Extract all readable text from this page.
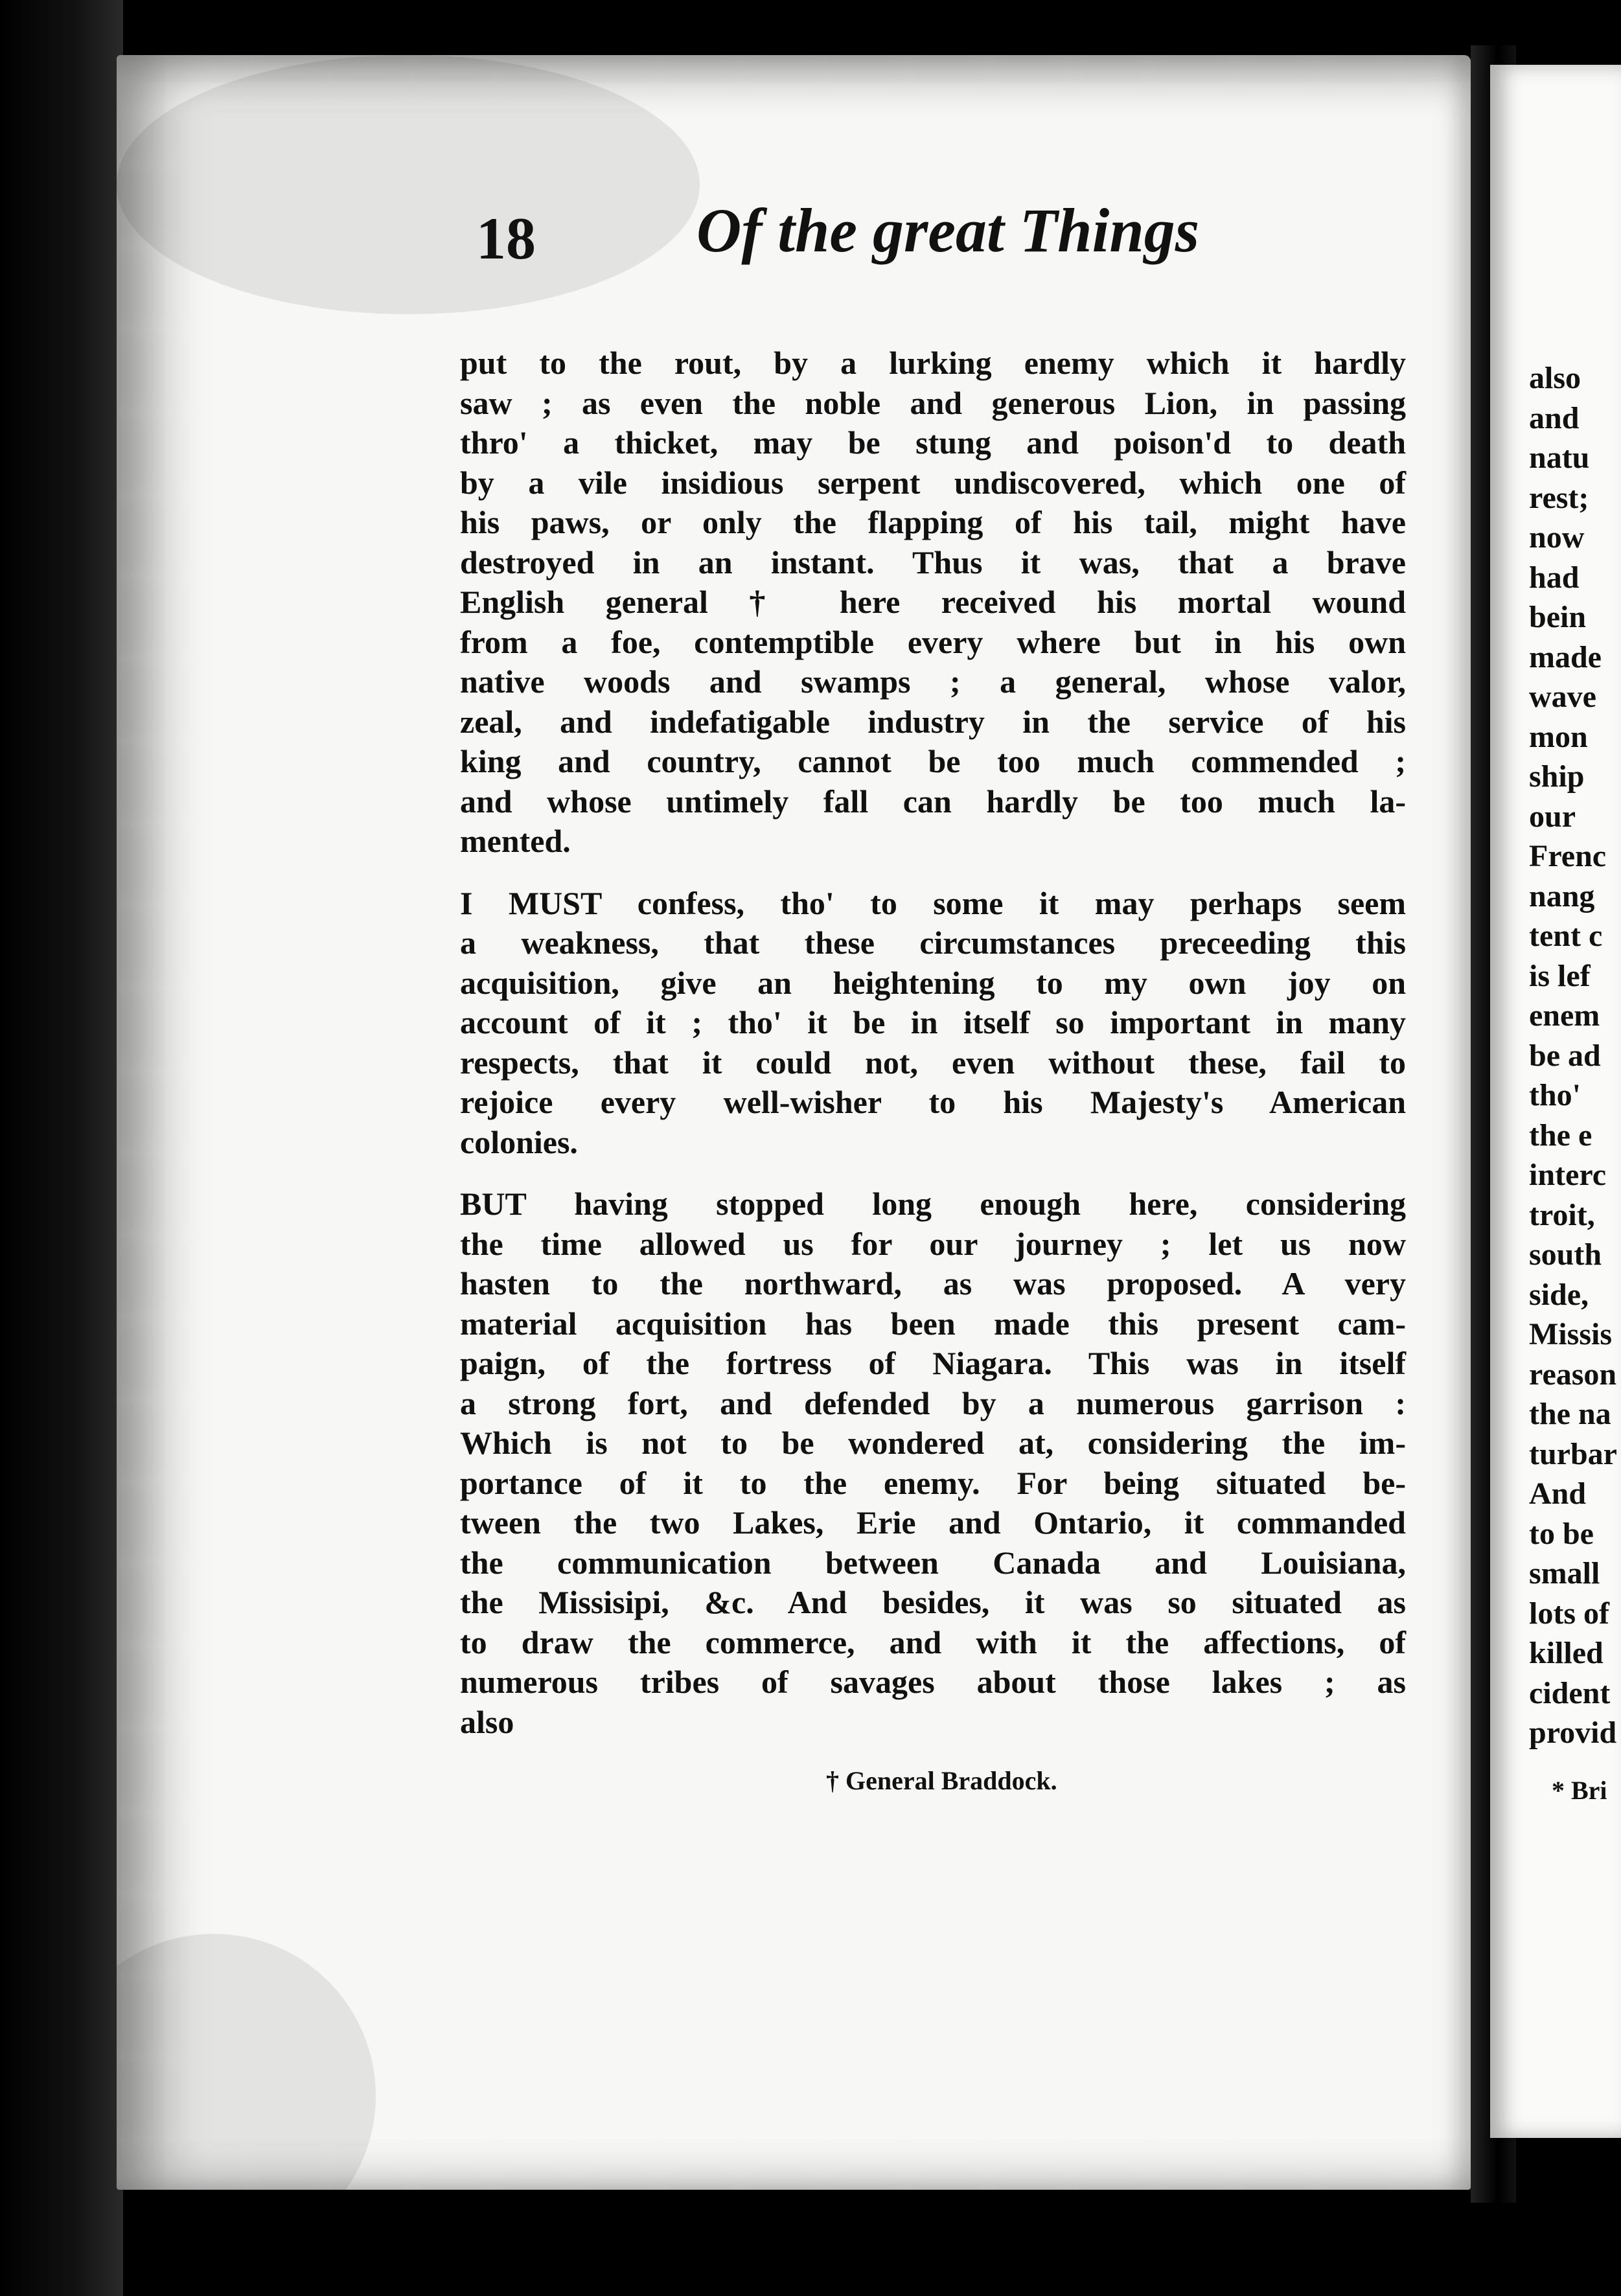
18	Of the great Things
put to the rout, by a lurking enemy which it hardly
saw ; as even the noble and generous Lion, in passing
thro' a thicket, may be stung and poison'd to death
by a vile insidious serpent undiscovered, which one of
his paws, or only the flapping of his tail, might have
destroyed in an instant. Thus it was, that a brave
English general † here received his mortal wound
from a foe, contemptible every where but in his own
native woods and swamps ; a general, whose valor,
zeal, and indefatigable industry in the service of his
king and country, cannot be too much commended ;
and whose untimely fall can hardly be too much la-
mented.
I MUST confess, tho' to some it may perhaps seem
a weakness, that these circumstances preceeding this
acquisition, give an heightening to my own joy on
account of it ; tho' it be in itself so important in many
respects, that it could not, even without these, fail to
rejoice every well-wisher to his Majesty's American
colonies.
BUT having stopped long enough here, considering
the time allowed us for our journey ; let us now
hasten to the northward, as was proposed. A very
material acquisition has been made this present cam-
paign, of the fortress of Niagara. This was in itself
a strong fort, and defended by a numerous garrison :
Which is not to be wondered at, considering the im-
portance of it to the enemy. For being situated be-
tween the two Lakes, Erie and Ontario, it commanded
the communication between Canada and Louisiana,
the Missisipi, &c. And besides, it was so situated as
to draw the commerce, and with it the affections, of
numerous tribes of savages about those lakes ; as
also
† General Braddock.
also
and
natu
rest;
now
had
bein
made
wave
mon
ship
our
Frenc
nang
tent c
is lef
enem
be ad
tho'
the e
interc
troit,
south
side,
Missis
reason
the na
turbar
And
to be
small
lots of
killed
cident
provid
* Bri
